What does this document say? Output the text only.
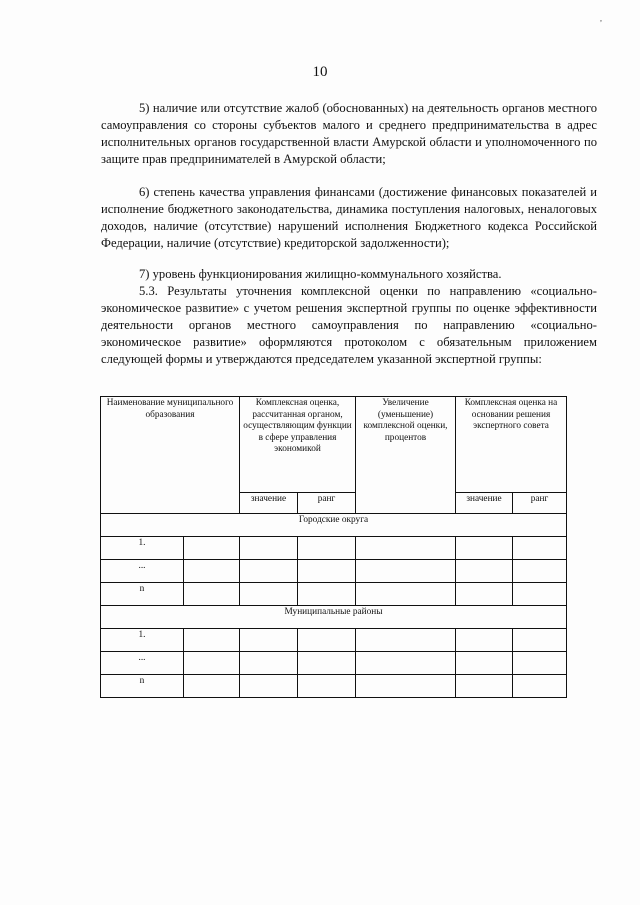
,
10
5) наличие или отсутствие жалоб (обоснованных) на деятельность органов местного самоуправления со стороны субъектов малого и среднего предпринимательства в адрес исполнительных органов государственной власти Амурской области и уполномоченного по защите прав предпринимателей в Амурской области;
6) степень качества управления финансами (достижение финансовых показателей и исполнение бюджетного законодательства, динамика поступления налоговых, неналоговых доходов, наличие (отсутствие) нарушений исполнения Бюджетного кодекса Российской Федерации, наличие (отсутствие) кредиторской задолженности);
7) уровень функционирования жилищно-коммунального хозяйства.
5.3. Результаты уточнения комплексной оценки по направлению «социально-экономическое развитие» с учетом решения экспертной группы по оценке эффективности деятельности органов местного самоуправления по направлению «социально-экономическое развитие» оформляются протоколом с обязательным приложением следующей формы и утверждаются председателем указанной экспертной группы:
Наименование муниципального образования		Комплексная оценка, рассчитанная органом, осуществляющим функции в сфере управления экономикой		Увеличение (уменьшение) комплексной оценки, процентов	Комплексная оценка на основании решения экспертного совета	
		значение	ранг		значение	ранг
Городские округа						
1.						
...						
n						
Муниципальные районы						
1.						
...						
n						
